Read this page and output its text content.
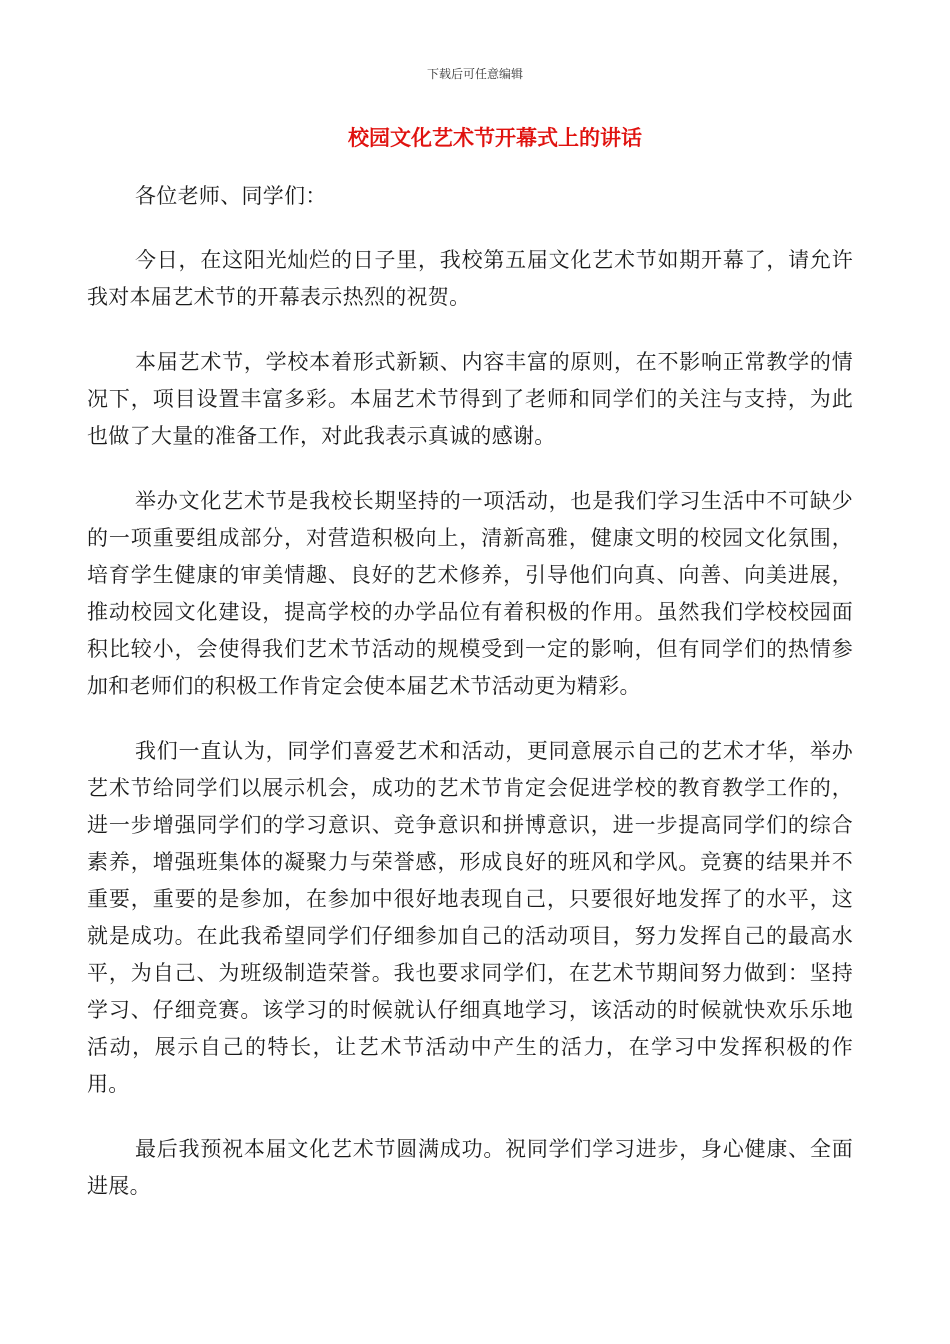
下载后可任意编辑
校园文化艺术节开幕式上的讲话

各位老师、同学们：

今日，在这阳光灿烂的日子里，我校第五届文化艺术节如期开幕了，请允许我对本届艺术节的开幕表示热烈的祝贺。

本届艺术节，学校本着形式新颖、内容丰富的原则，在不影响正常教学的情况下，项目设置丰富多彩。本届艺术节得到了老师和同学们的关注与支持，为此也做了大量的准备工作，对此我表示真诚的感谢。

举办文化艺术节是我校长期坚持的一项活动，也是我们学习生活中不可缺少的一项重要组成部分，对营造积极向上，清新高雅，健康文明的校园文化氛围，培育学生健康的审美情趣、良好的艺术修养，引导他们向真、向善、向美进展，推动校园文化建设，提高学校的办学品位有着积极的作用。虽然我们学校校园面积比较小，会使得我们艺术节活动的规模受到一定的影响，但有同学们的热情参加和老师们的积极工作肯定会使本届艺术节活动更为精彩。

我们一直认为，同学们喜爱艺术和活动，更同意展示自己的艺术才华，举办艺术节给同学们以展示机会，成功的艺术节肯定会促进学校的教育教学工作的，进一步增强同学们的学习意识、竞争意识和拼博意识，进一步提高同学们的综合素养，增强班集体的凝聚力与荣誉感，形成良好的班风和学风。竞赛的结果并不重要，重要的是参加，在参加中很好地表现自己，只要很好地发挥了的水平，这就是成功。在此我希望同学们仔细参加自己的活动项目，努力发挥自己的最高水平，为自己、为班级制造荣誉。我也要求同学们，在艺术节期间努力做到：坚持学习、仔细竞赛。该学习的时候就认仔细真地学习，该活动的时候就快欢乐乐地活动，展示自己的特长，让艺术节活动中产生的活力，在学习中发挥积极的作用。

最后我预祝本届文化艺术节圆满成功。祝同学们学习进步，身心健康、全面进展。
